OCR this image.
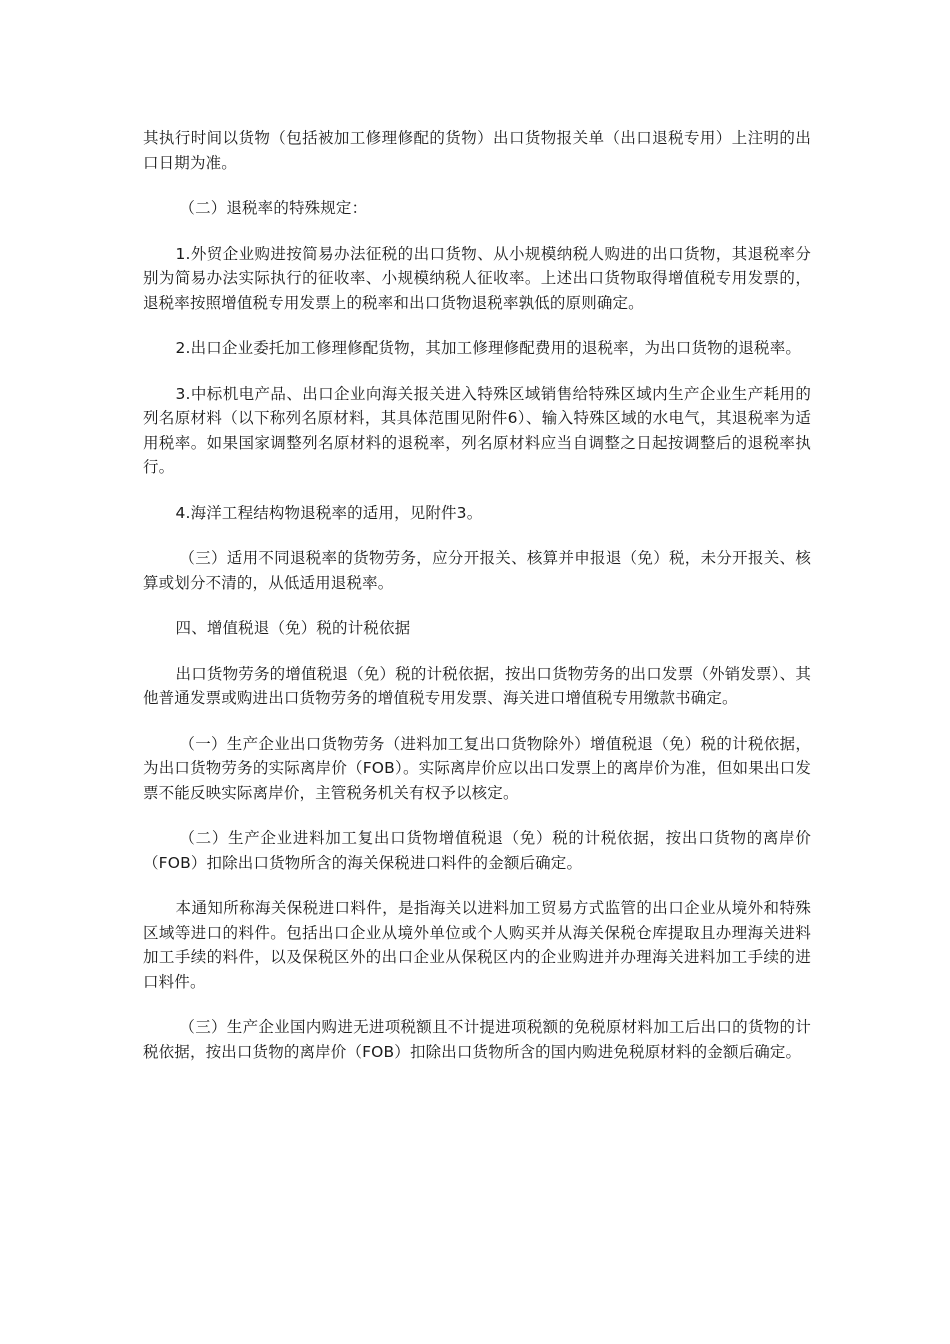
其执行时间以货物（包括被加工修理修配的货物）出口货物报关单（出口退税专用）上注明的出口日期为准。

（二）退税率的特殊规定：

1.外贸企业购进按简易办法征税的出口货物、从小规模纳税人购进的出口货物，其退税率分别为简易办法实际执行的征收率、小规模纳税人征收率。上述出口货物取得增值税专用发票的，退税率按照增值税专用发票上的税率和出口货物退税率孰低的原则确定。

2.出口企业委托加工修理修配货物，其加工修理修配费用的退税率，为出口货物的退税率。

3.中标机电产品、出口企业向海关报关进入特殊区域销售给特殊区域内生产企业生产耗用的列名原材料（以下称列名原材料，其具体范围见附件6）、输入特殊区域的水电气，其退税率为适用税率。如果国家调整列名原材料的退税率，列名原材料应当自调整之日起按调整后的退税率执行。

4.海洋工程结构物退税率的适用，见附件3。

（三）适用不同退税率的货物劳务，应分开报关、核算并申报退（免）税，未分开报关、核算或划分不清的，从低适用退税率。

四、增值税退（免）税的计税依据

出口货物劳务的增值税退（免）税的计税依据，按出口货物劳务的出口发票（外销发票）、其他普通发票或购进出口货物劳务的增值税专用发票、海关进口增值税专用缴款书确定。

（一）生产企业出口货物劳务（进料加工复出口货物除外）增值税退（免）税的计税依据，为出口货物劳务的实际离岸价（FOB）。实际离岸价应以出口发票上的离岸价为准，但如果出口发票不能反映实际离岸价，主管税务机关有权予以核定。

（二）生产企业进料加工复出口货物增值税退（免）税的计税依据，按出口货物的离岸价（FOB）扣除出口货物所含的海关保税进口料件的金额后确定。

本通知所称海关保税进口料件，是指海关以进料加工贸易方式监管的出口企业从境外和特殊区域等进口的料件。包括出口企业从境外单位或个人购买并从海关保税仓库提取且办理海关进料加工手续的料件，以及保税区外的出口企业从保税区内的企业购进并办理海关进料加工手续的进口料件。

（三）生产企业国内购进无进项税额且不计提进项税额的免税原材料加工后出口的货物的计税依据，按出口货物的离岸价（FOB）扣除出口货物所含的国内购进免税原材料的金额后确定。
